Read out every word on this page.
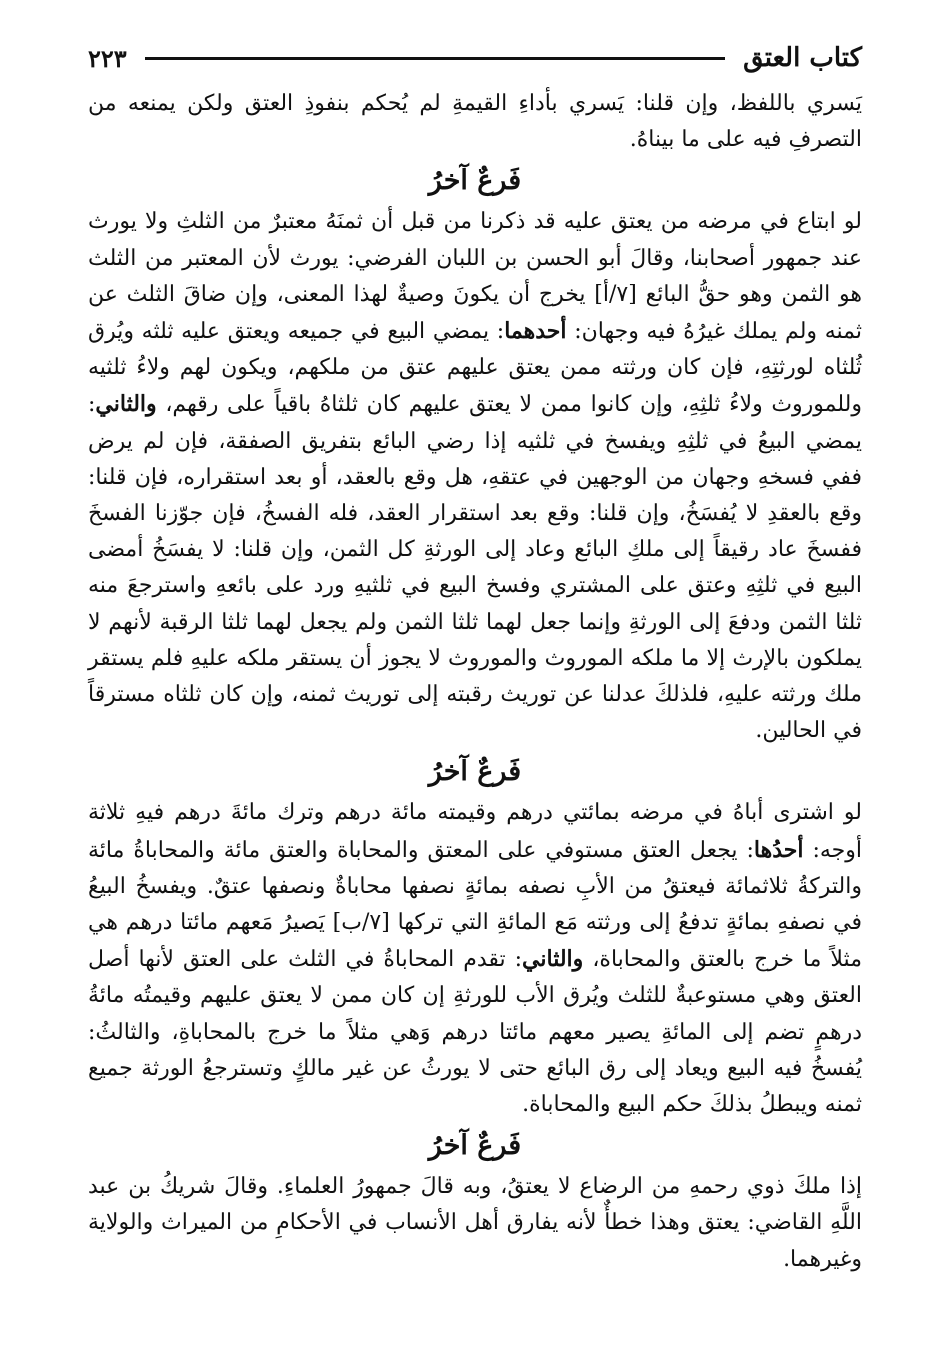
كتاب العتق
٢٢٣

يَسري باللفظ، وإن قلنا: يَسري بأداءِ القيمةِ لم يُحكم بنفوذِ العتق ولكن يمنعه من التصرفِ فيه على ما بيناهُ.

فَرعٌ آخرُ

لو ابتاع في مرضه من يعتق عليه قد ذكرنا من قبل أن ثمنَهُ معتبرٌ من الثلثِ ولا يورث عند جمهور أصحابنا، وقالَ أبو الحسن بن اللبان الفرضي: يورث لأن المعتبر من الثلث هو الثمن وهو حقُّ البائع [٧/أ] يخرج أن يكونَ وصيةٌ لهذا المعنى، وإن ضاقَ الثلث عن ثمنه ولم يملك غيرُهُ فيه وجهان: أحدهما: يمضي البيع في جميعه ويعتق عليه ثلثه ويُرق ثُلثاه لورثتِهِ، فإن كان ورثته ممن يعتق عليهم عتق من ملكهم، ويكون لهم ولاءُ ثلثيه وللموروث ولاءُ ثلثِهِ، وإن كانوا ممن لا يعتق عليهم كان ثلثاهُ باقياً على رقهم، والثاني: يمضي البيعُ في ثلثِهِ ويفسخ في ثلثيه إذا رضي البائع بتفريق الصفقة، فإن لم يرض ففي فسخهِ وجهان من الوجهين في عتقهِ، هل وقع بالعقد، أو بعد استقراره، فإن قلنا: وقع بالعقدِ لا يُفسَخُ، وإن قلنا: وقع بعد استقرار العقد، فله الفسخُ، فإن جوّزنا الفسخَ ففسخَ عاد رقيقاً إلى ملكِ البائع وعاد إلى الورثةِ كل الثمن، وإن قلنا: لا يفسَخُ أمضى البيع في ثلثِهِ وعتق على المشتري وفسخ البيع في ثلثيهِ ورد على بائعهِ واسترجعَ منه ثلثا الثمن ودفعَ إلى الورثةِ وإنما جعل لهما ثلثا الثمن ولم يجعل لهما ثلثا الرقبة لأنهم لا يملكون بالإرث إلا ما ملكه الموروث والموروث لا يجوز أن يستقر ملكه عليهِ فلم يستقر ملك ورثته عليهِ، فلذلكَ عدلنا عن توريث رقبته إلى توريث ثمنه، وإن كان ثلثاه مسترقاً في الحالين.

فَرعٌ آخرُ

لو اشترى أباهُ في مرضه بمائتي درهم وقيمته مائة درهم وترك مائةَ درهم فيهِ ثلاثة أوجه: أحدُها: يجعل العتق مستوفي على المعتق والمحاباة والعتق مائة والمحاباةُ مائة والتركةُ ثلاثمائة فيعتقُ من الأبِ نصفه بمائةٍ نصفها محاباةٌ ونصفها عتقٌ. ويفسخُ البيعُ في نصفهِ بمائةٍ تدفعُ إلى ورثته مَع المائةِ التي تركها [٧/ب] يَصيرُ مَعهم مائتا درهم هي مثلاً ما خرج بالعتق والمحاباة، والثاني: تقدم المحاباةُ في الثلث على العتق لأنها أصل العتق وهي مستوعبةٌ للثلث ويُرق الأب للورثةِ إن كان ممن لا يعتق عليهم وقيمتُه مائةُ درهمٍ تضم إلى المائةِ يصير معهم مائتا درهم وَهي مثلاً ما خرج بالمحاباةِ، والثالثُ: يُفسخُ فيه البيع ويعاد إلى رق البائع حتى لا يورثُ عن غير مالكٍ وتسترجعُ الورثة جميع ثمنه ويبطلُ بذلكَ حكم البيع والمحاباة.

فَرعٌ آخرُ

إذا ملكَ ذوي رحمهِ من الرضاع لا يعتقُ، وبه قالَ جمهورُ العلماءِ. وقالَ شريكُ بن عبد اللَّهِ القاضي: يعتق وهذا خطأٌ لأنه يفارق أهل الأنساب في الأحكامِ من الميراث والولاية وغيرهما.
